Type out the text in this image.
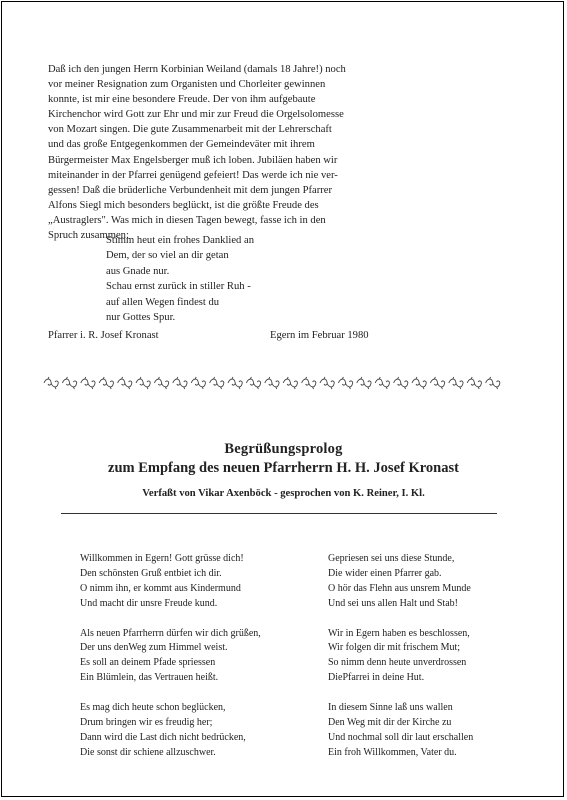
Daß ich den jungen Herrn Korbinian Weiland (damals 18 Jahre!) noch
vor meiner Resignation zum Organisten und Chorleiter gewinnen
konnte, ist mir eine besondere Freude. Der von ihm aufgebaute
Kirchenchor wird Gott zur Ehr und mir zur Freud die Orgelsolomesse
von Mozart singen. Die gute Zusammenarbeit mit der Lehrerschaft
und das große Entgegenkommen der Gemeindeväter mit ihrem
Bürgermeister Max Engelsberger muß ich loben. Jubiläen haben wir
miteinander in der Pfarrei genügend gefeiert! Das werde ich nie ver-
gessen! Daß die brüderliche Verbundenheit mit dem jungen Pfarrer
Alfons Siegl mich besonders beglückt, ist die größte Freude des
„Austraglers". Was mich in diesen Tagen bewegt, fasse ich in den
Spruch zusammen:
Stimm heut ein frohes Danklied an
Dem, der so viel an dir getan
aus Gnade nur.
Schau ernst zurück in stiller Ruh -
auf allen Wegen findest du
nur Gottes Spur.
Pfarrer i. R. Josef Kronast	Egern im Februar 1980
Begrüßungsprolog
zum Empfang des neuen Pfarrherrn H. H. Josef Kronast
Verfaßt von Vikar Axenböck - gesprochen von K. Reiner, I. Kl.
Willkommen in Egern! Gott grüsse dich!
Den schönsten Gruß entbiet ich dir.
O nimm ihn, er kommt aus Kindermund
Und macht dir unsre Freude kund.
Als neuen Pfarrherrn dürfen wir dich grüßen,
Der uns denWeg zum Himmel weist.
Es soll an deinem Pfade spriessen
Ein Blümlein, das Vertrauen heißt.
Es mag dich heute schon beglücken,
Drum bringen wir es freudig her;
Dann wird die Last dich nicht bedrücken,
Die sonst dir schiene allzuschwer.
Gepriesen sei uns diese Stunde,
Die wider einen Pfarrer gab.
O hör das Flehn aus unsrem Munde
Und sei uns allen Halt und Stab!
Wir in Egern haben es beschlossen,
Wir folgen dir mit frischem Mut;
So nimm denn heute unverdrossen
DiePfarrei in deine Hut.
In diesem Sinne laß uns wallen
Den Weg mit dir der Kirche zu
Und nochmal soll dir laut erschallen
Ein froh Willkommen, Vater du.
